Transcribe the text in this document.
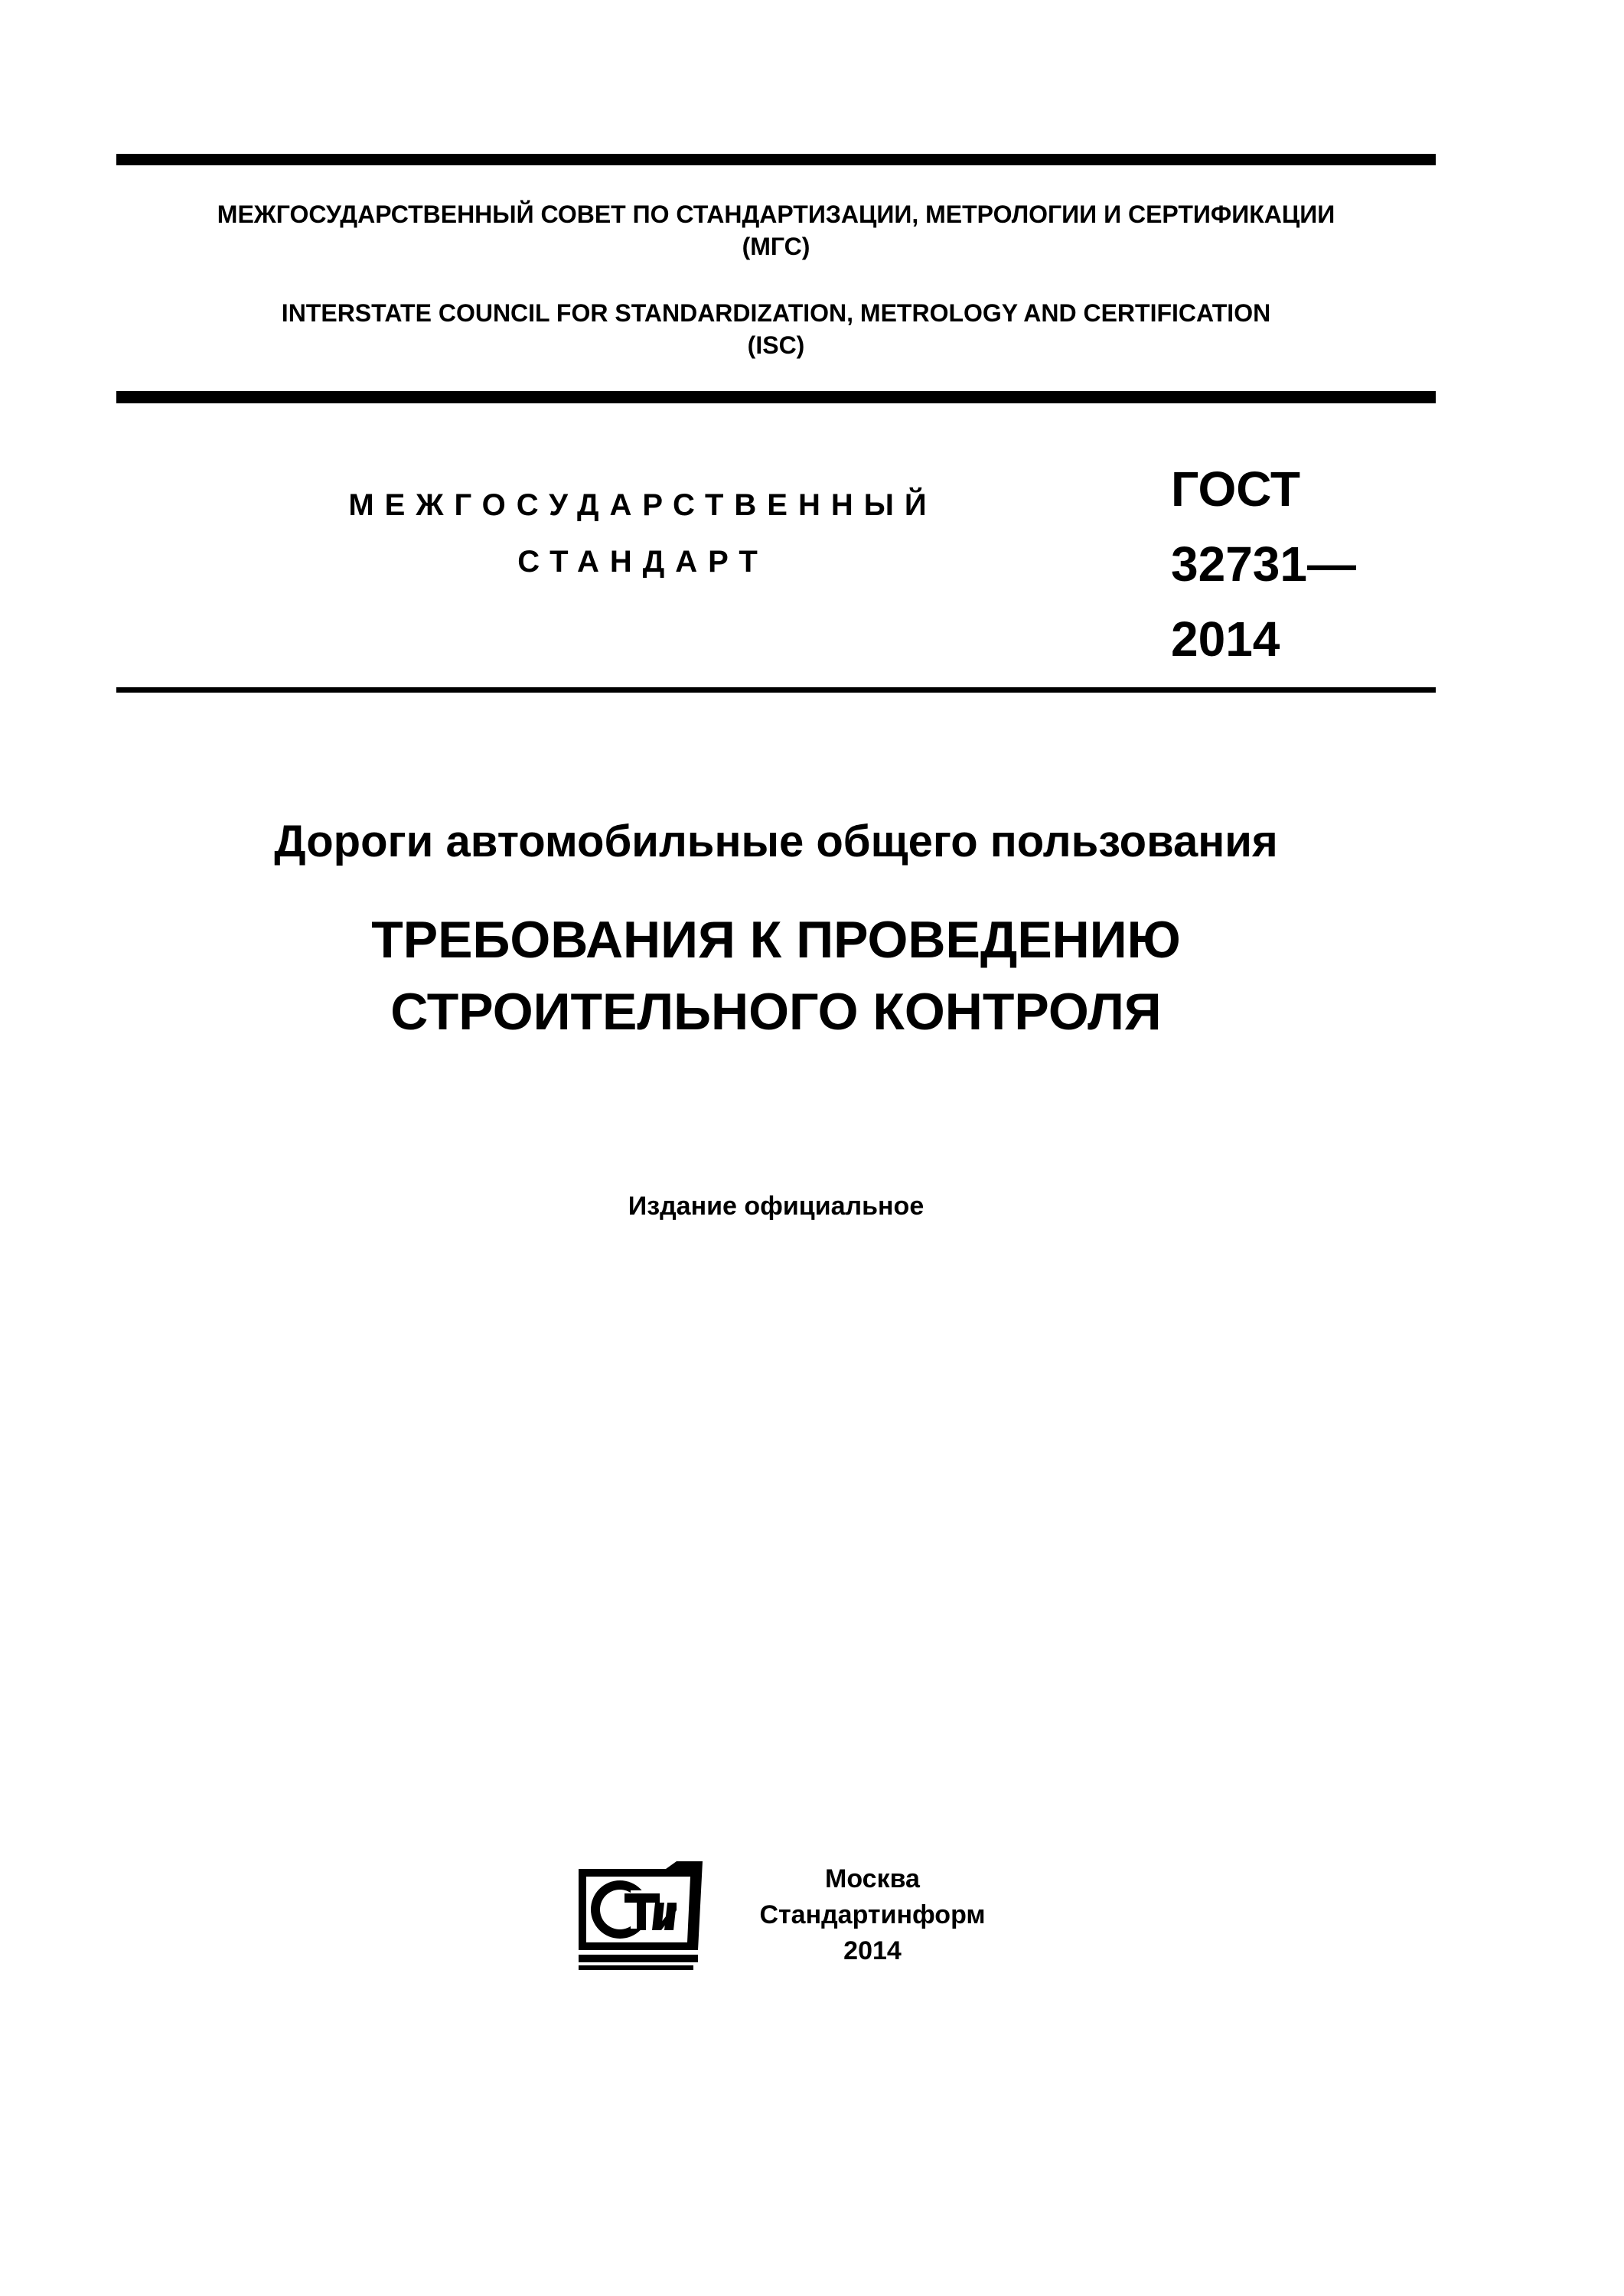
МЕЖГОСУДАРСТВЕННЫЙ СОВЕТ ПО СТАНДАРТИЗАЦИИ, МЕТРОЛОГИИ И СЕРТИФИКАЦИИ
(МГС)
INTERSTATE COUNCIL FOR STANDARDIZATION, METROLOGY AND CERTIFICATION
(ISC)
МЕЖГОСУДАРСТВЕННЫЙ
СТАНДАРТ
ГОСТ
32731—
2014
Дороги автомобильные общего пользования
ТРЕБОВАНИЯ К ПРОВЕДЕНИЮ
СТРОИТЕЛЬНОГО КОНТРОЛЯ
Издание официальное
Москва
Стандартинформ
2014
